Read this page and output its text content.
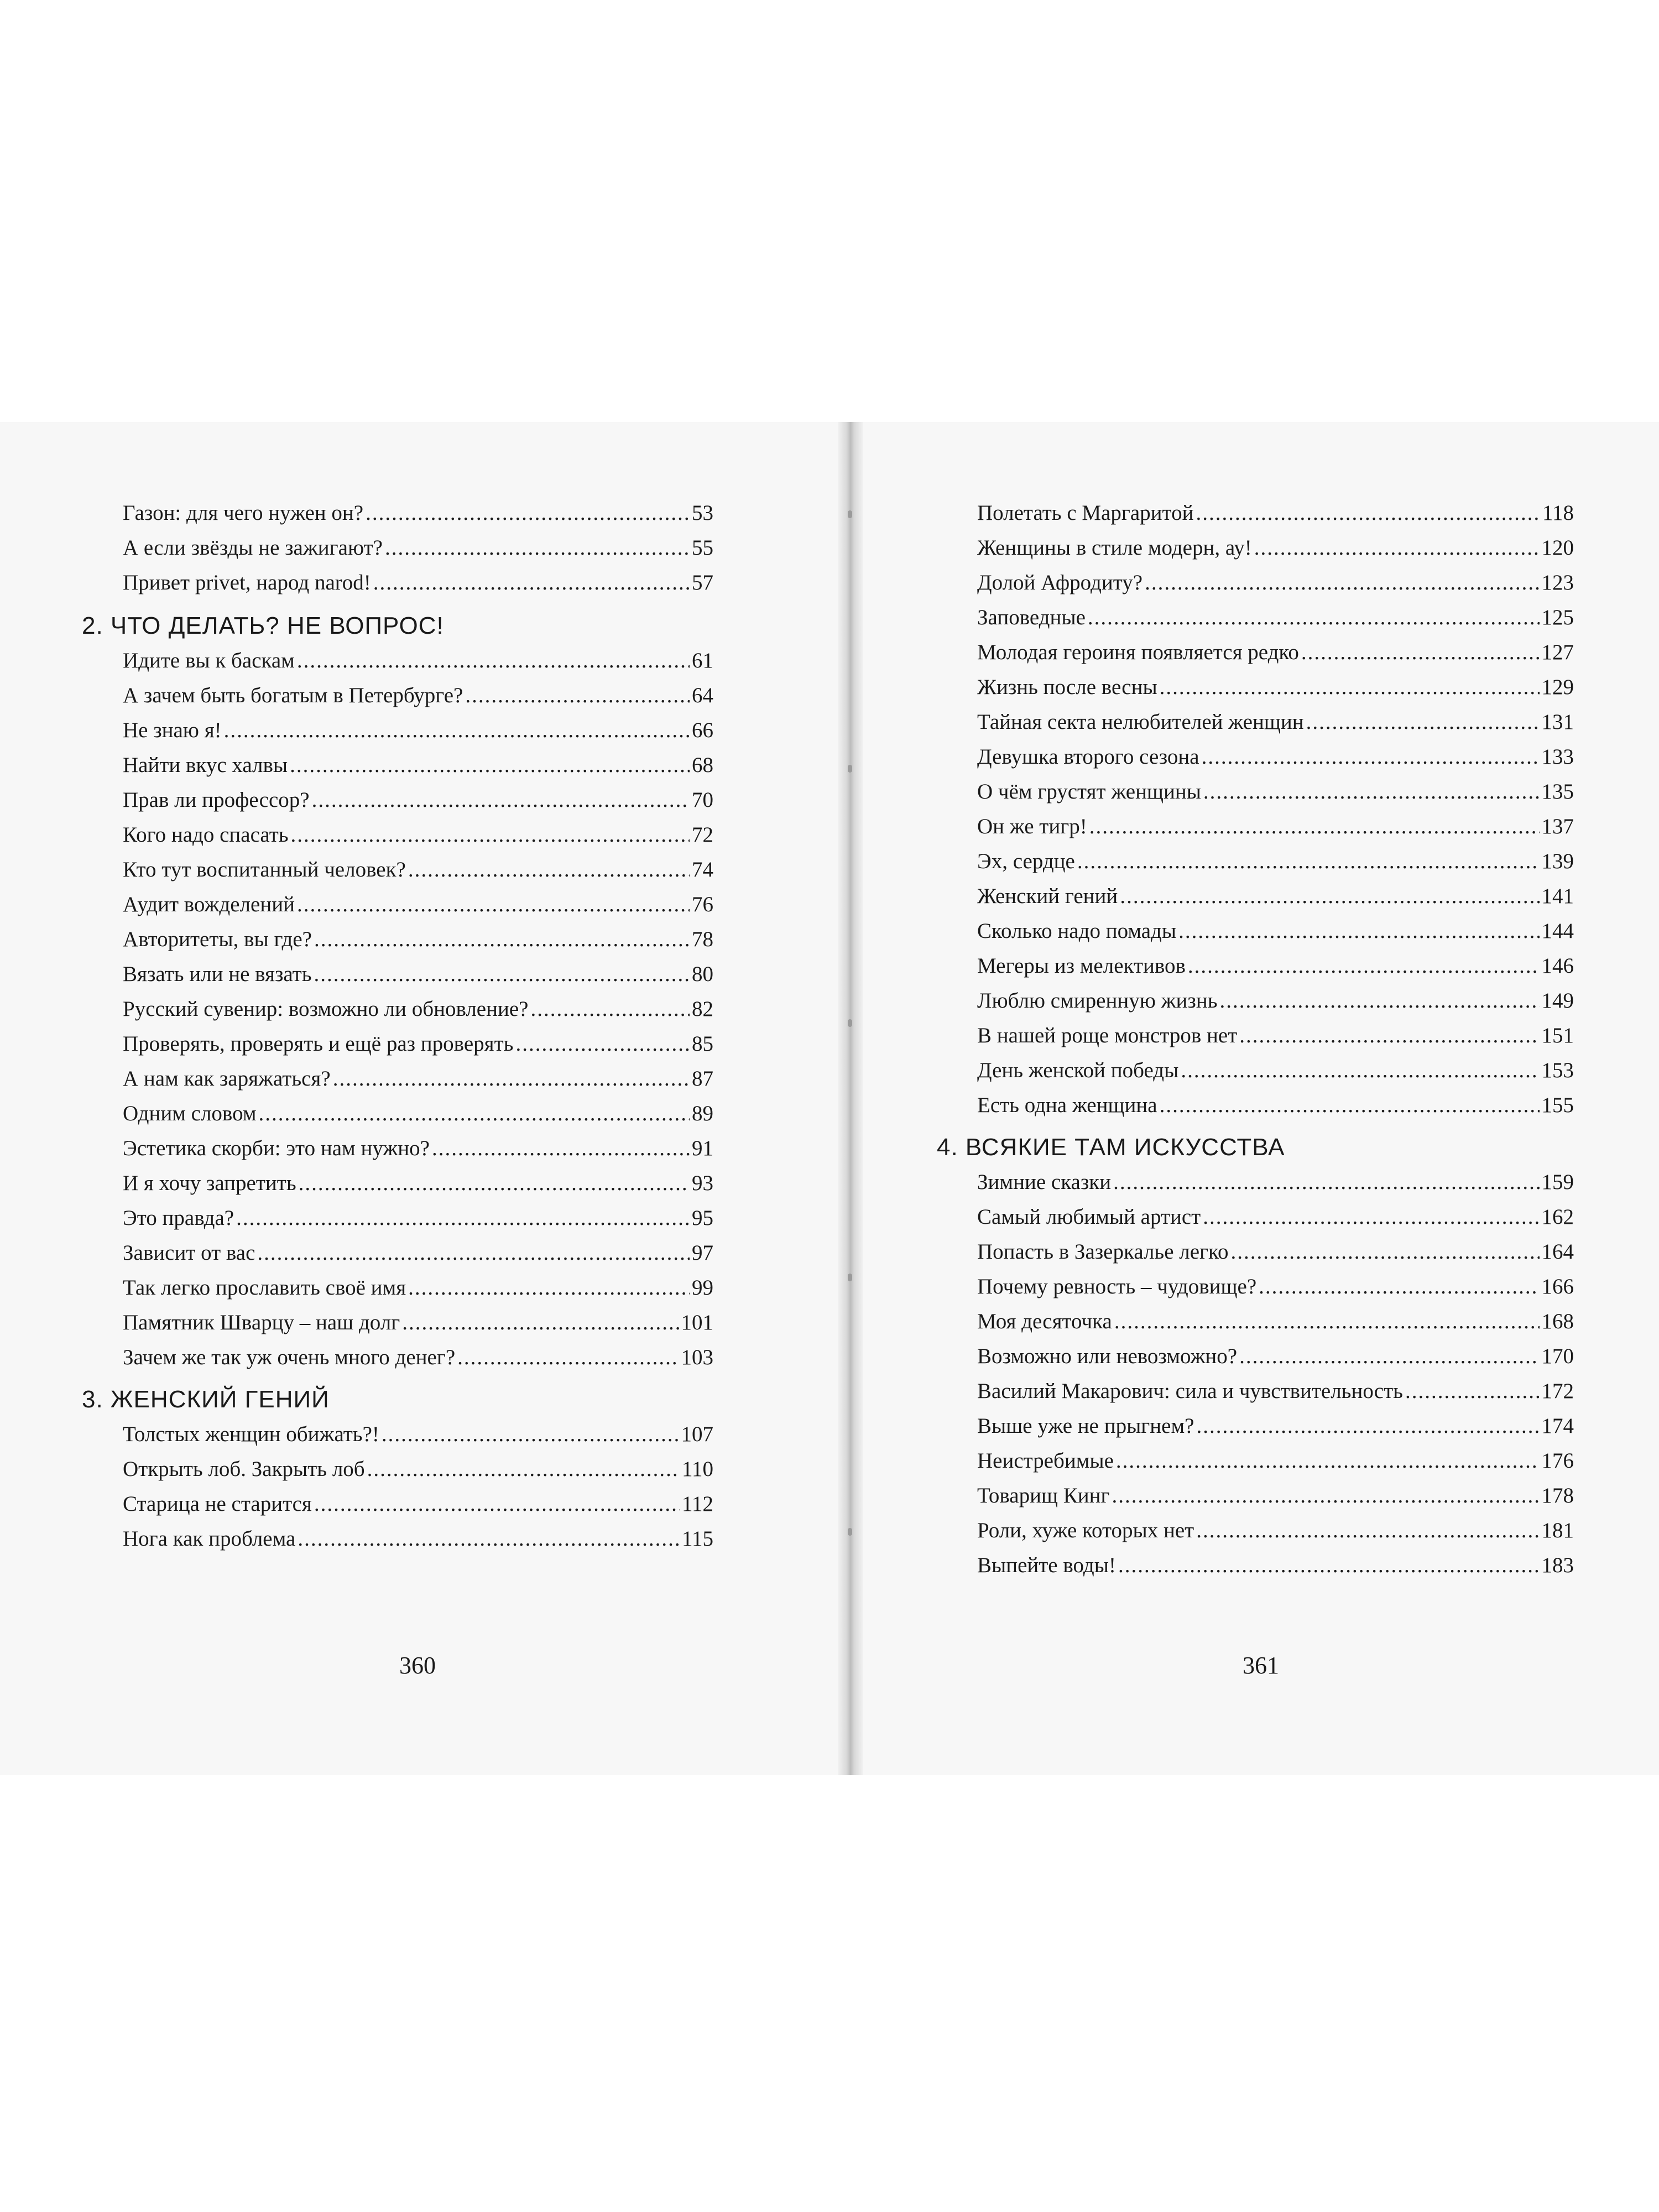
Газон: для чего нужен он? .....	53
А если звёзды не зажигают? .....	55
Привет privet, народ narod! .....	57
2. ЧТО ДЕЛАТЬ? НЕ ВОПРОС!
Идите вы к баскам .....	61
А зачем быть богатым в Петербурге? .....	64
Не знаю я! .....	66
Найти вкус халвы .....	68
Прав ли профессор? .....	70
Кого надо спасать .....	72
Кто тут воспитанный человек? .....	74
Аудит вожделений .....	76
Авторитеты, вы где? .....	78
Вязать или не вязать .....	80
Русский сувенир: возможно ли обновление? .....	82
Проверять, проверять и ещё раз проверять .....	85
А нам как заряжаться? .....	87
Одним словом .....	89
Эстетика скорби: это нам нужно? .....	91
И я хочу запретить .....	93
Это правда? .....	95
Зависит от вас .....	97
Так легко прославить своё имя .....	99
Памятник Шварцу – наш долг .....	101
Зачем же так уж очень много денег? .....	103
3. ЖЕНСКИЙ ГЕНИЙ
Толстых женщин обижать?! .....	107
Открыть лоб. Закрыть лоб .....	110
Старица не старится .....	112
Нога как проблема .....	115
360
Полетать с Маргаритой .....	118
Женщины в стиле модерн, ау! .....	120
Долой Афродиту? .....	123
Заповедные .....	125
Молодая героиня появляется редко .....	127
Жизнь после весны .....	129
Тайная секта нелюбителей женщин .....	131
Девушка второго сезона .....	133
О чём грустят женщины .....	135
Он же тигр! .....	137
Эх, сердце .....	139
Женский гений .....	141
Сколько надо помады .....	144
Мегеры из мелективов .....	146
Люблю смиренную жизнь .....	149
В нашей роще монстров нет .....	151
День женской победы .....	153
Есть одна женщина .....	155
4. ВСЯКИЕ ТАМ ИСКУССТВА
Зимние сказки .....	159
Самый любимый артист .....	162
Попасть в Зазеркалье легко .....	164
Почему ревность – чудовище? .....	166
Моя десяточка .....	168
Возможно или невозможно? .....	170
Василий Макарович: сила и чувствительность .....	172
Выше уже не прыгнем? .....	174
Неистребимые .....	176
Товарищ Кинг .....	178
Роли, хуже которых нет .....	181
Выпейте воды! .....	183
361
